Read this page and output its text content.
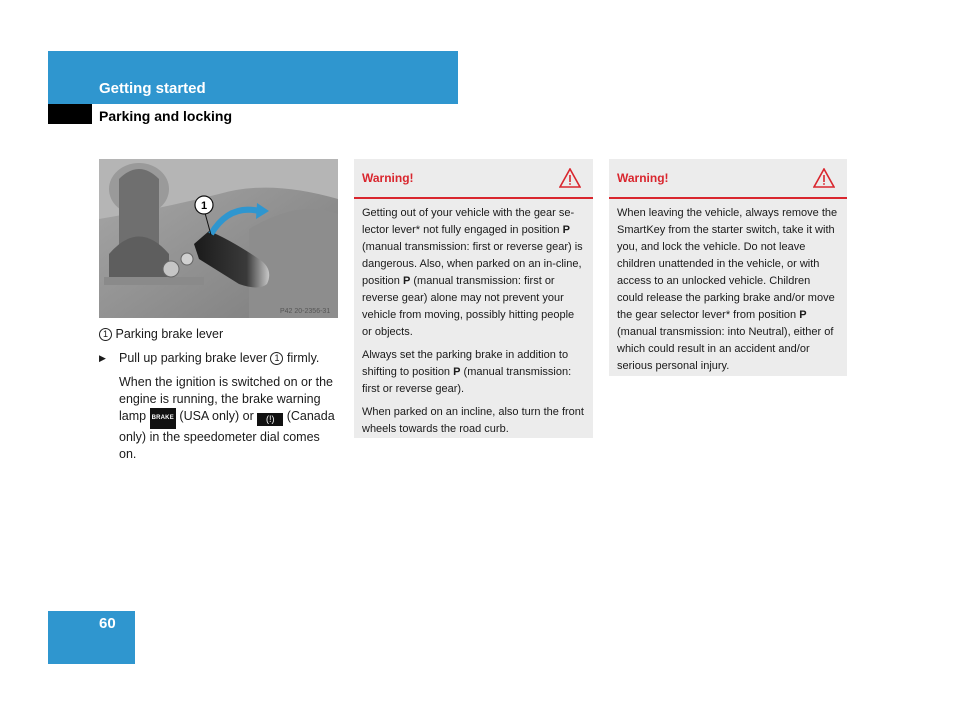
Getting started
Parking and locking
1
P42 20-2356-31

1 Parking brake lever

▶ Pull up parking brake lever 1 firmly.

When the ignition is switched on or the engine is running, the brake warning lamp BRAKE (USA only) or (!) (Canada only) in the speedometer dial comes on.

Warning!

Getting out of your vehicle with the gear se-lector lever* not fully engaged in position P (manual transmission: first or reverse gear) is dangerous. Also, when parked on an in-cline, position P (manual transmission: first or reverse gear) alone may not prevent your vehicle from moving, possibly hitting people or objects.

Always set the parking brake in addition to shifting to position P (manual transmission: first or reverse gear).

When parked on an incline, also turn the front wheels towards the road curb.

Warning!

When leaving the vehicle, always remove the SmartKey from the starter switch, take it with you, and lock the vehicle. Do not leave children unattended in the vehicle, or with access to an unlocked vehicle. Children could release the parking brake and/or move the gear selector lever* from position P (manual transmission: into Neutral), either of which could result in an accident and/or serious personal injury.

60
